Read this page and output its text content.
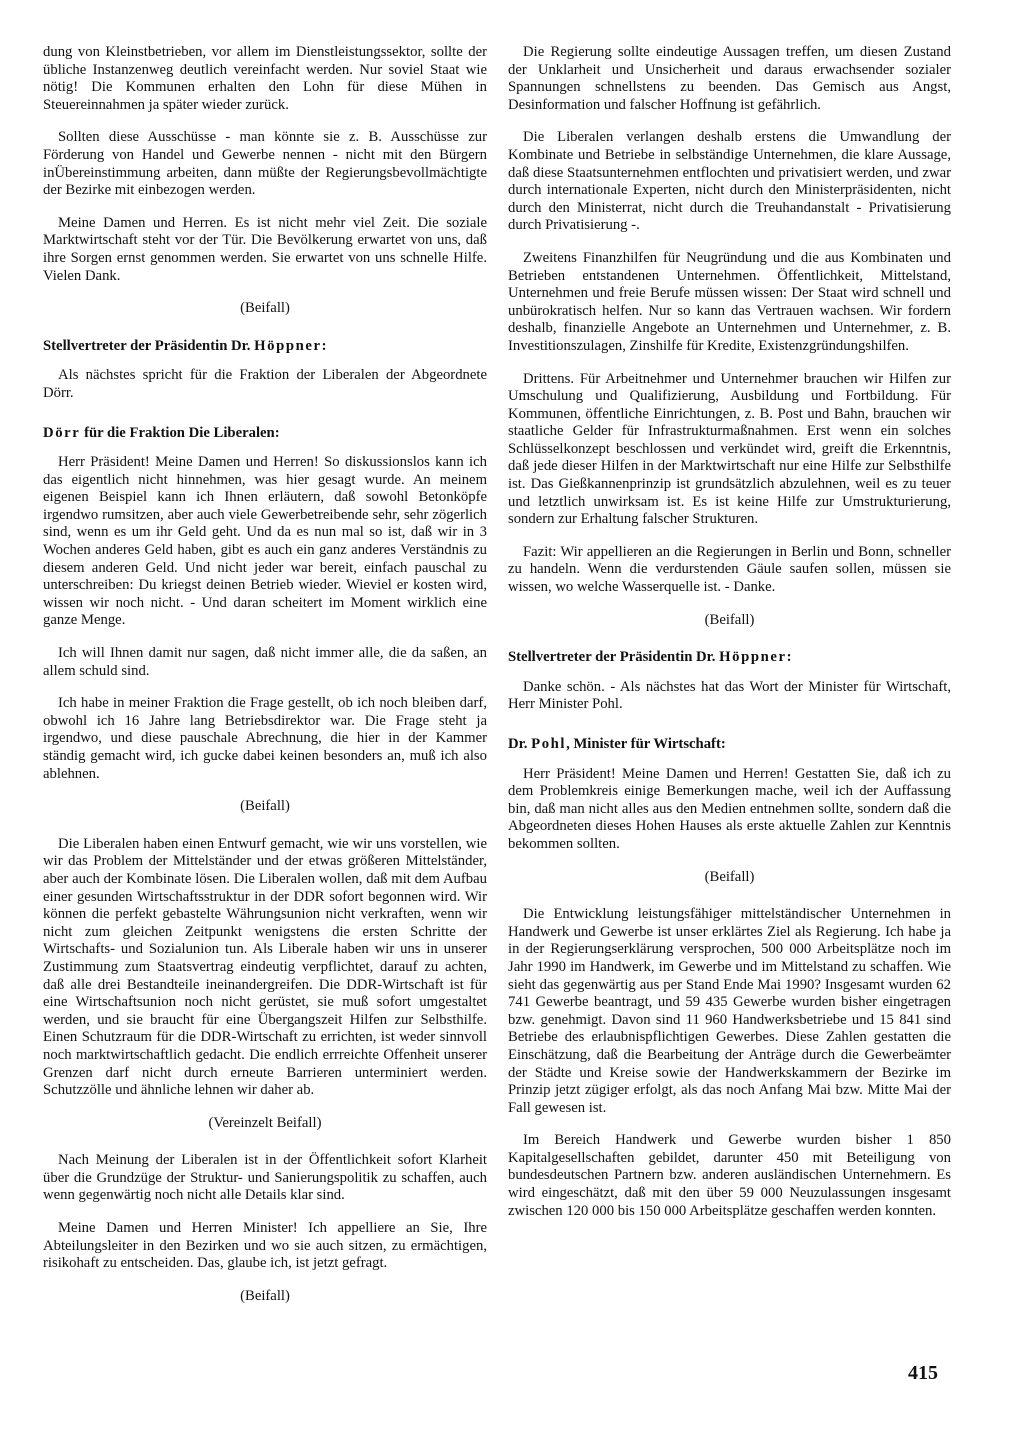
dung von Kleinstbetrieben, vor allem im Dienstleistungssektor, sollte der übliche Instanzenweg deutlich vereinfacht werden. Nur soviel Staat wie nötig! Die Kommunen erhalten den Lohn für diese Mühen in Steuereinnahmen ja später wieder zurück.

Sollten diese Ausschüsse - man könnte sie z. B. Ausschüsse zur Förderung von Handel und Gewerbe nennen - nicht mit den Bürgern inÜbereinstimmung arbeiten, dann müßte der Regierungsbevollmächtigte der Bezirke mit einbezogen werden.

Meine Damen und Herren. Es ist nicht mehr viel Zeit. Die soziale Marktwirtschaft steht vor der Tür. Die Bevölkerung erwartet von uns, daß ihre Sorgen ernst genommen werden. Sie erwartet von uns schnelle Hilfe. Vielen Dank.

(Beifall)
Stellvertreter der Präsidentin Dr. Höppner:

Als nächstes spricht für die Fraktion der Liberalen der Abgeordnete Dörr.

Dörr für die Fraktion Die Liberalen:

Herr Präsident! Meine Damen und Herren! So diskussionslos kann ich das eigentlich nicht hinnehmen, was hier gesagt wurde. An meinem eigenen Beispiel kann ich Ihnen erläutern, daß sowohl Betonköpfe irgendwo rumsitzen, aber auch viele Gewerbetreibende sehr, sehr zögerlich sind, wenn es um ihr Geld geht. Und da es nun mal so ist, daß wir in 3 Wochen anderes Geld haben, gibt es auch ein ganz anderes Verständnis zu diesem anderen Geld. Und nicht jeder war bereit, einfach pauschal zu unterschreiben: Du kriegst deinen Betrieb wieder. Wieviel er kosten wird, wissen wir noch nicht. - Und daran scheitert im Moment wirklich eine ganze Menge.

Ich will Ihnen damit nur sagen, daß nicht immer alle, die da saßen, an allem schuld sind.

Ich habe in meiner Fraktion die Frage gestellt, ob ich noch bleiben darf, obwohl ich 16 Jahre lang Betriebsdirektor war. Die Frage steht ja irgendwo, und diese pauschale Abrechnung, die hier in der Kammer ständig gemacht wird, ich gucke dabei keinen besonders an, muß ich also ablehnen.

(Beifall)

Die Liberalen haben einen Entwurf gemacht, wie wir uns vorstellen, wie wir das Problem der Mittelständer und der etwas größeren Mittelständer, aber auch der Kombinate lösen. Die Liberalen wollen, daß mit dem Aufbau einer gesunden Wirtschaftsstruktur in der DDR sofort begonnen wird. Wir können die perfekt gebastelte Währungsunion nicht verkraften, wenn wir nicht zum gleichen Zeitpunkt wenigstens die ersten Schritte der Wirtschafts- und Sozialunion tun. Als Liberale haben wir uns in unserer Zustimmung zum Staatsvertrag eindeutig verpflichtet, darauf zu achten, daß alle drei Bestandteile ineinandergreifen. Die DDR-Wirtschaft ist für eine Wirtschaftsunion noch nicht gerüstet, sie muß sofort umgestaltet werden, und sie braucht für eine Übergangszeit Hilfen zur Selbsthilfe. Einen Schutzraum für die DDR-Wirtschaft zu errichten, ist weder sinnvoll noch marktwirtschaftlich gedacht. Die endlich errreichte Offenheit unserer Grenzen darf nicht durch erneute Barrieren unterminiert werden. Schutzzölle und ähnliche lehnen wir daher ab.

(Vereinzelt Beifall)

Nach Meinung der Liberalen ist in der Öffentlichkeit sofort Klarheit über die Grundzüge der Struktur- und Sanierungspolitik zu schaffen, auch wenn gegenwärtig noch nicht alle Details klar sind.

Meine Damen und Herren Minister! Ich appelliere an Sie, Ihre Abteilungsleiter in den Bezirken und wo sie auch sitzen, zu ermächtigen, risikohaft zu entscheiden. Das, glaube ich, ist jetzt gefragt.

(Beifall)

Die Regierung sollte eindeutige Aussagen treffen, um diesen Zustand der Unklarheit und Unsicherheit und daraus erwachsender sozialer Spannungen schnellstens zu beenden. Das Gemisch aus Angst, Desinformation und falscher Hoffnung ist gefährlich.

Die Liberalen verlangen deshalb erstens die Umwandlung der Kombinate und Betriebe in selbständige Unternehmen, die klare Aussage, daß diese Staatsunternehmen entflochten und privatisiert werden, und zwar durch internationale Experten, nicht durch den Ministerpräsidenten, nicht durch den Ministerrat, nicht durch die Treuhandanstalt - Privatisierung durch Privatisierung -.

Zweitens Finanzhilfen für Neugründung und die aus Kombinaten und Betrieben entstandenen Unternehmen. Öffentlichkeit, Mittelstand, Unternehmen und freie Berufe müssen wissen: Der Staat wird schnell und unbürokratisch helfen. Nur so kann das Vertrauen wachsen. Wir fordern deshalb, finanzielle Angebote an Unternehmen und Unternehmer, z. B. Investitionszulagen, Zinshilfe für Kredite, Existenzgründungshilfen.

Drittens. Für Arbeitnehmer und Unternehmer brauchen wir Hilfen zur Umschulung und Qualifizierung, Ausbildung und Fortbildung. Für Kommunen, öffentliche Einrichtungen, z. B. Post und Bahn, brauchen wir staatliche Gelder für Infrastrukturmaßnahmen. Erst wenn ein solches Schlüsselkonzept beschlossen und verkündet wird, greift die Erkenntnis, daß jede dieser Hilfen in der Marktwirtschaft nur eine Hilfe zur Selbsthilfe ist. Das Gießkannenprinzip ist grundsätzlich abzulehnen, weil es zu teuer und letztlich unwirksam ist. Es ist keine Hilfe zur Umstrukturierung, sondern zur Erhaltung falscher Strukturen.

Fazit: Wir appellieren an die Regierungen in Berlin und Bonn, schneller zu handeln. Wenn die verdurstenden Gäule saufen sollen, müssen sie wissen, wo welche Wasserquelle ist. - Danke.

(Beifall)
Stellvertreter der Präsidentin Dr. Höppner:

Danke schön. - Als nächstes hat das Wort der Minister für Wirtschaft, Herr Minister Pohl.

Dr. Pohl, Minister für Wirtschaft:

Herr Präsident! Meine Damen und Herren! Gestatten Sie, daß ich zu dem Problemkreis einige Bemerkungen mache, weil ich der Auffassung bin, daß man nicht alles aus den Medien entnehmen sollte, sondern daß die Abgeordneten dieses Hohen Hauses als erste aktuelle Zahlen zur Kenntnis bekommen sollten.

(Beifall)

Die Entwicklung leistungsfähiger mittelständischer Unternehmen in Handwerk und Gewerbe ist unser erklärtes Ziel als Regierung. Ich habe ja in der Regierungserklärung versprochen, 500 000 Arbeitsplätze noch im Jahr 1990 im Handwerk, im Gewerbe und im Mittelstand zu schaffen. Wie sieht das gegenwärtig aus per Stand Ende Mai 1990? Insgesamt wurden 62 741 Gewerbe beantragt, und 59 435 Gewerbe wurden bisher eingetragen bzw. genehmigt. Davon sind 11 960 Handwerksbetriebe und 15 841 sind Betriebe des erlaubnispflichtigen Gewerbes. Diese Zahlen gestatten die Einschätzung, daß die Bearbeitung der Anträge durch die Gewerbeämter der Städte und Kreise sowie der Handwerkskammern der Bezirke im Prinzip jetzt zügiger erfolgt, als das noch Anfang Mai bzw. Mitte Mai der Fall gewesen ist.

Im Bereich Handwerk und Gewerbe wurden bisher 1 850 Kapitalgesellschaften gebildet, darunter 450 mit Beteiligung von bundesdeutschen Partnern bzw. anderen ausländischen Unternehmern. Es wird eingeschätzt, daß mit den über 59 000 Neuzulassungen insgesamt zwischen 120 000 bis 150 000 Arbeitsplätze geschaffen werden konnten.

415
